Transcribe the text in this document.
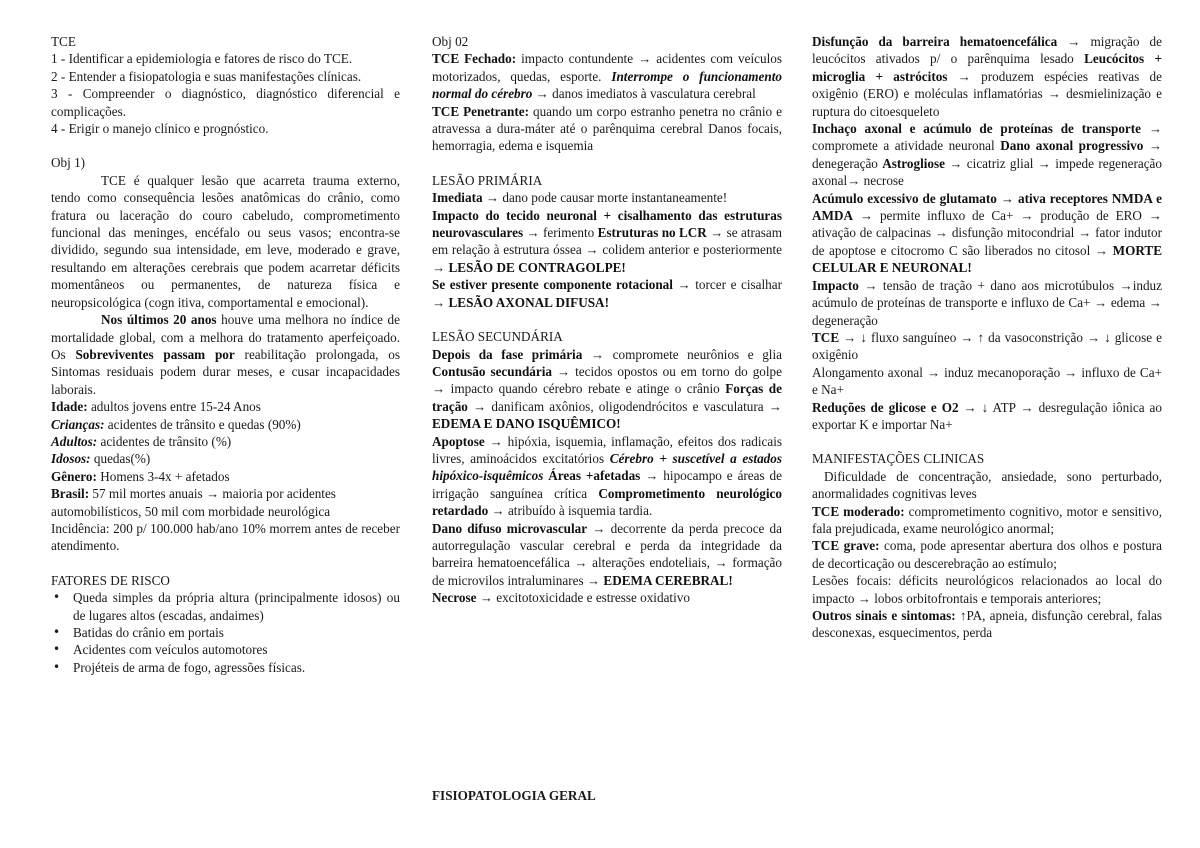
TCE

1 - Identificar a epidemiologia e fatores de risco do TCE.

2 - Entender a fisiopatologia e suas manifestações clínicas.

3 - Compreender o diagnóstico, diagnóstico diferencial e complicações.

4 - Erigir o manejo clínico e prognóstico.

Obj 1)

TCE é qualquer lesão que acarreta trauma externo, tendo como consequência lesões anatômicas do crânio, como fratura ou laceração do couro cabeludo, comprometimento funcional das meninges, encéfalo ou seus vasos; encontra-se dividido, segundo sua intensidade, em leve, moderado e grave, resultando em alterações cerebrais que podem acarretar déficits momentâneos ou permanentes, de natureza física e neuropsicológica (cogn itiva, comportamental e emocional).

Nos últimos 20 anos houve uma melhora no índice de mortalidade global, com a melhora do tratamento aperfeiçoado. Os Sobreviventes passam por reabilitação prolongada, os Sintomas residuais podem durar meses, e cusar incapacidades laborais.

Idade: adultos jovens entre 15-24 Anos

Crianças: acidentes de trânsito e quedas (90%)

Adultos: acidentes de trânsito (%)

Idosos: quedas(%)

Gênero: Homens 3-4x + afetados

Brasil: 57 mil mortes anuais → maioria por acidentes automobilísticos, 50 mil com morbidade neurológica

Incidência: 200 p/ 100.000 hab/ano 10% morrem antes de receber atendimento.

FATORES DE RISCO

• Queda simples da própria altura (principalmente idosos) ou de lugares altos (escadas, andaimes)
• Batidas do crânio em portais
• Acidentes com veículos automotores
• Projéteis de arma de fogo, agressões físicas.

Obj 02

TCE Fechado: impacto contundente → acidentes com veículos motorizados, quedas, esporte. Interrompe o funcionamento normal do cérebro → danos imediatos à vasculatura cerebral

TCE Penetrante: quando um corpo estranho penetra no crânio e atravessa a dura-máter até o parênquima cerebral Danos focais, hemorragia, edema e isquemia

LESÃO PRIMÁRIA

Imediata → dano pode causar morte instantaneamente!

Impacto do tecido neuronal + cisalhamento das estruturas neurovasculares → ferimento Estruturas no LCR → se atrasam em relação à estrutura óssea → colidem anterior e posteriormente → LESÃO DE CONTRAGOLPE!

Se estiver presente componente rotacional → torcer e cisalhar → LESÃO AXONAL DIFUSA!

LESÃO SECUNDÁRIA

Depois da fase primária → compromete neurônios e glia Contusão secundária → tecidos opostos ou em torno do golpe → impacto quando cérebro rebate e atinge o crânio Forças de tração → danificam axônios, oligodendrócitos e vasculatura → EDEMA E DANO ISQUÊMICO!

Apoptose → hipóxia, isquemia, inflamação, efeitos dos radicais livres, aminoácidos excitatórios Cérebro + suscetível a estados hipóxico-isquêmicos Áreas +afetadas → hipocampo e áreas de irrigação sanguínea crítica Comprometimento neurológico retardado → atribuído à isquemia tardia.

Dano difuso microvascular → decorrente da perda precoce da autorregulação vascular cerebral e perda da integridade da barreira hematoencefálica → alterações endoteliais, → formação de microvilos intraluminares → EDEMA CEREBRAL!

Necrose → excitotoxicidade e estresse oxidativo

FISIOPATOLOGIA GERAL

Disfunção da barreira hematoencefálica → migração de leucócitos ativados p/ o parênquima lesado Leucócitos + microglia + astrócitos → produzem espécies reativas de oxigênio (ERO) e moléculas inflamatórias → desmielinização e ruptura do citoesqueleto

Inchaço axonal e acúmulo de proteínas de transporte → compromete a atividade neuronal Dano axonal progressivo → denegeração Astrogliose → cicatriz glial → impede regeneração axonal→ necrose

Acúmulo excessivo de glutamato → ativa receptores NMDA e AMDA → permite influxo de Ca+ → produção de ERO → ativação de calpacinas → disfunção mitocondrial → fator indutor de apoptose e citocromo C são liberados no citosol → MORTE CELULAR E NEURONAL!

Impacto → tensão de tração + dano aos microtúbulos →induz acúmulo de proteínas de transporte e influxo de Ca+ → edema → degeneração

TCE → ↓ fluxo sanguíneo → ↑ da vasoconstrição → ↓ glicose e oxigênio

Alongamento axonal → induz mecanoporação → influxo de Ca+ e Na+

Reduções de glicose e O2 → ↓ ATP → desregulação iônica ao exportar K e importar Na+

MANIFESTAÇÕES CLINICAS

Dificuldade de concentração, ansiedade, sono perturbado, anormalidades cognitivas leves

TCE moderado: comprometimento cognitivo, motor e sensitivo, fala prejudicada, exame neurológico anormal;

TCE grave: coma, pode apresentar abertura dos olhos e postura de decorticação ou descerebração ao estímulo;

Lesões focais: déficits neurológicos relacionados ao local do impacto → lobos orbitofrontais e temporais anteriores;

Outros sinais e sintomas: ↑PA, apneia, disfunção cerebral, falas desconexas, esquecimentos, perda
